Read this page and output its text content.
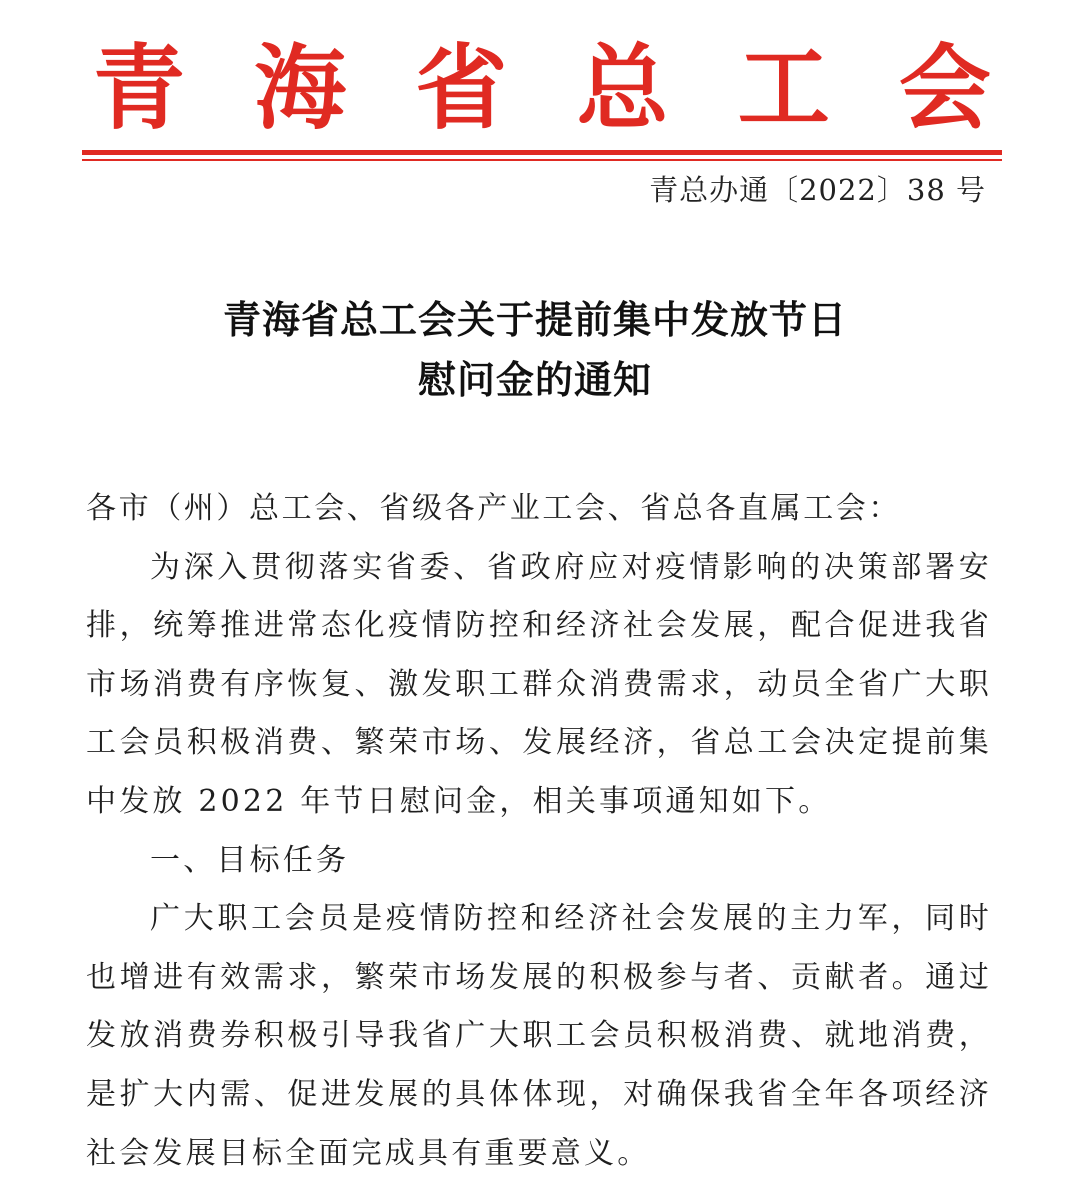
青 海 省 总 工 会
青总办通〔2022〕38 号
青海省总工会关于提前集中发放节日
慰问金的通知

各市（州）总工会、省级各产业工会、省总各直属工会：

为深入贯彻落实省委、省政府应对疫情影响的决策部署安排，统筹推进常态化疫情防控和经济社会发展，配合促进我省市场消费有序恢复、激发职工群众消费需求，动员全省广大职工会员积极消费、繁荣市场、发展经济，省总工会决定提前集中发放 2022 年节日慰问金，相关事项通知如下。

一、目标任务

广大职工会员是疫情防控和经济社会发展的主力军，同时也增进有效需求，繁荣市场发展的积极参与者、贡献者。通过发放消费券积极引导我省广大职工会员积极消费、就地消费，是扩大内需、促进发展的具体体现，对确保我省全年各项经济社会发展目标全面完成具有重要意义。
